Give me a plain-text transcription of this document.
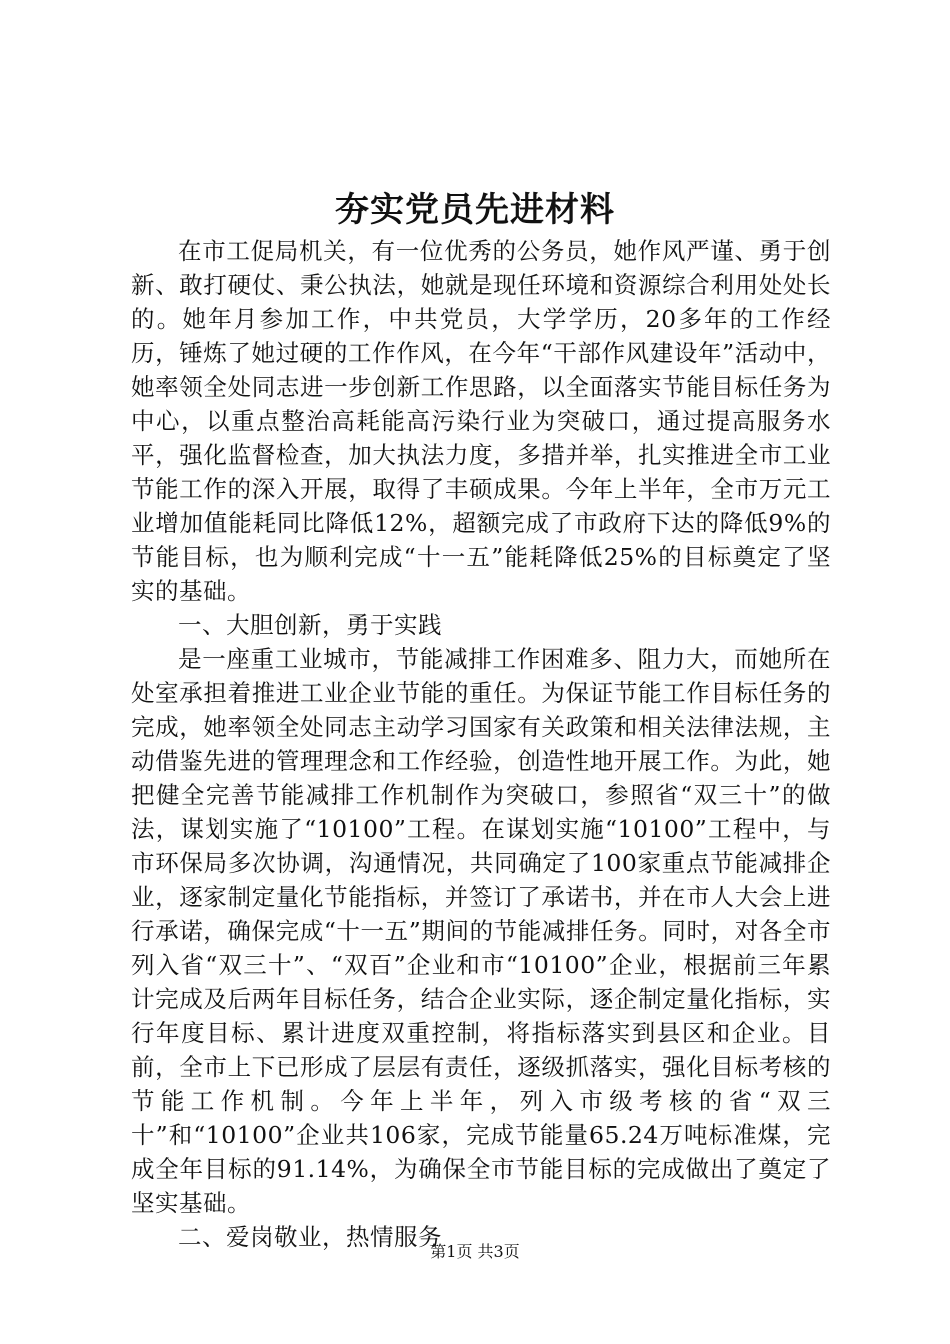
夯实党员先进材料

在市工促局机关，有一位优秀的公务员，她作风严谨、勇于创新、敢打硬仗、秉公执法，她就是现任环境和资源综合利用处处长的。她年月参加工作，中共党员，大学学历，20多年的工作经历，锤炼了她过硬的工作作风，在今年“干部作风建设年”活动中，她率领全处同志进一步创新工作思路，以全面落实节能目标任务为中心，以重点整治高耗能高污染行业为突破口，通过提高服务水平，强化监督检查，加大执法力度，多措并举，扎实推进全市工业节能工作的深入开展，取得了丰硕成果。今年上半年，全市万元工业增加值能耗同比降低12%，超额完成了市政府下达的降低9%的节能目标，也为顺利完成“十一五”能耗降低25%的目标奠定了坚实的基础。

一、大胆创新，勇于实践

是一座重工业城市，节能减排工作困难多、阻力大，而她所在处室承担着推进工业企业节能的重任。为保证节能工作目标任务的完成，她率领全处同志主动学习国家有关政策和相关法律法规，主动借鉴先进的管理理念和工作经验，创造性地开展工作。为此，她把健全完善节能减排工作机制作为突破口，参照省“双三十”的做法，谋划实施了“10100”工程。在谋划实施“10100”工程中，与市环保局多次协调，沟通情况，共同确定了100家重点节能减排企业，逐家制定量化节能指标，并签订了承诺书，并在市人大会上进行承诺，确保完成“十一五”期间的节能减排任务。同时，对各全市列入省“双三十”、“双百”企业和市“10100”企业，根据前三年累计完成及后两年目标任务，结合企业实际，逐企制定量化指标，实行年度目标、累计进度双重控制，将指标落实到县区和企业。目前，全市上下已形成了层层有责任，逐级抓落实，强化目标考核的节能工作机制。今年上半年，列入市级考核的省“双三十”和“10100”企业共106家，完成节能量65.24万吨标准煤，完成全年目标的91.14%，为确保全市节能目标的完成做出了奠定了坚实基础。

二、爱岗敬业，热情服务

第1页 共3页
